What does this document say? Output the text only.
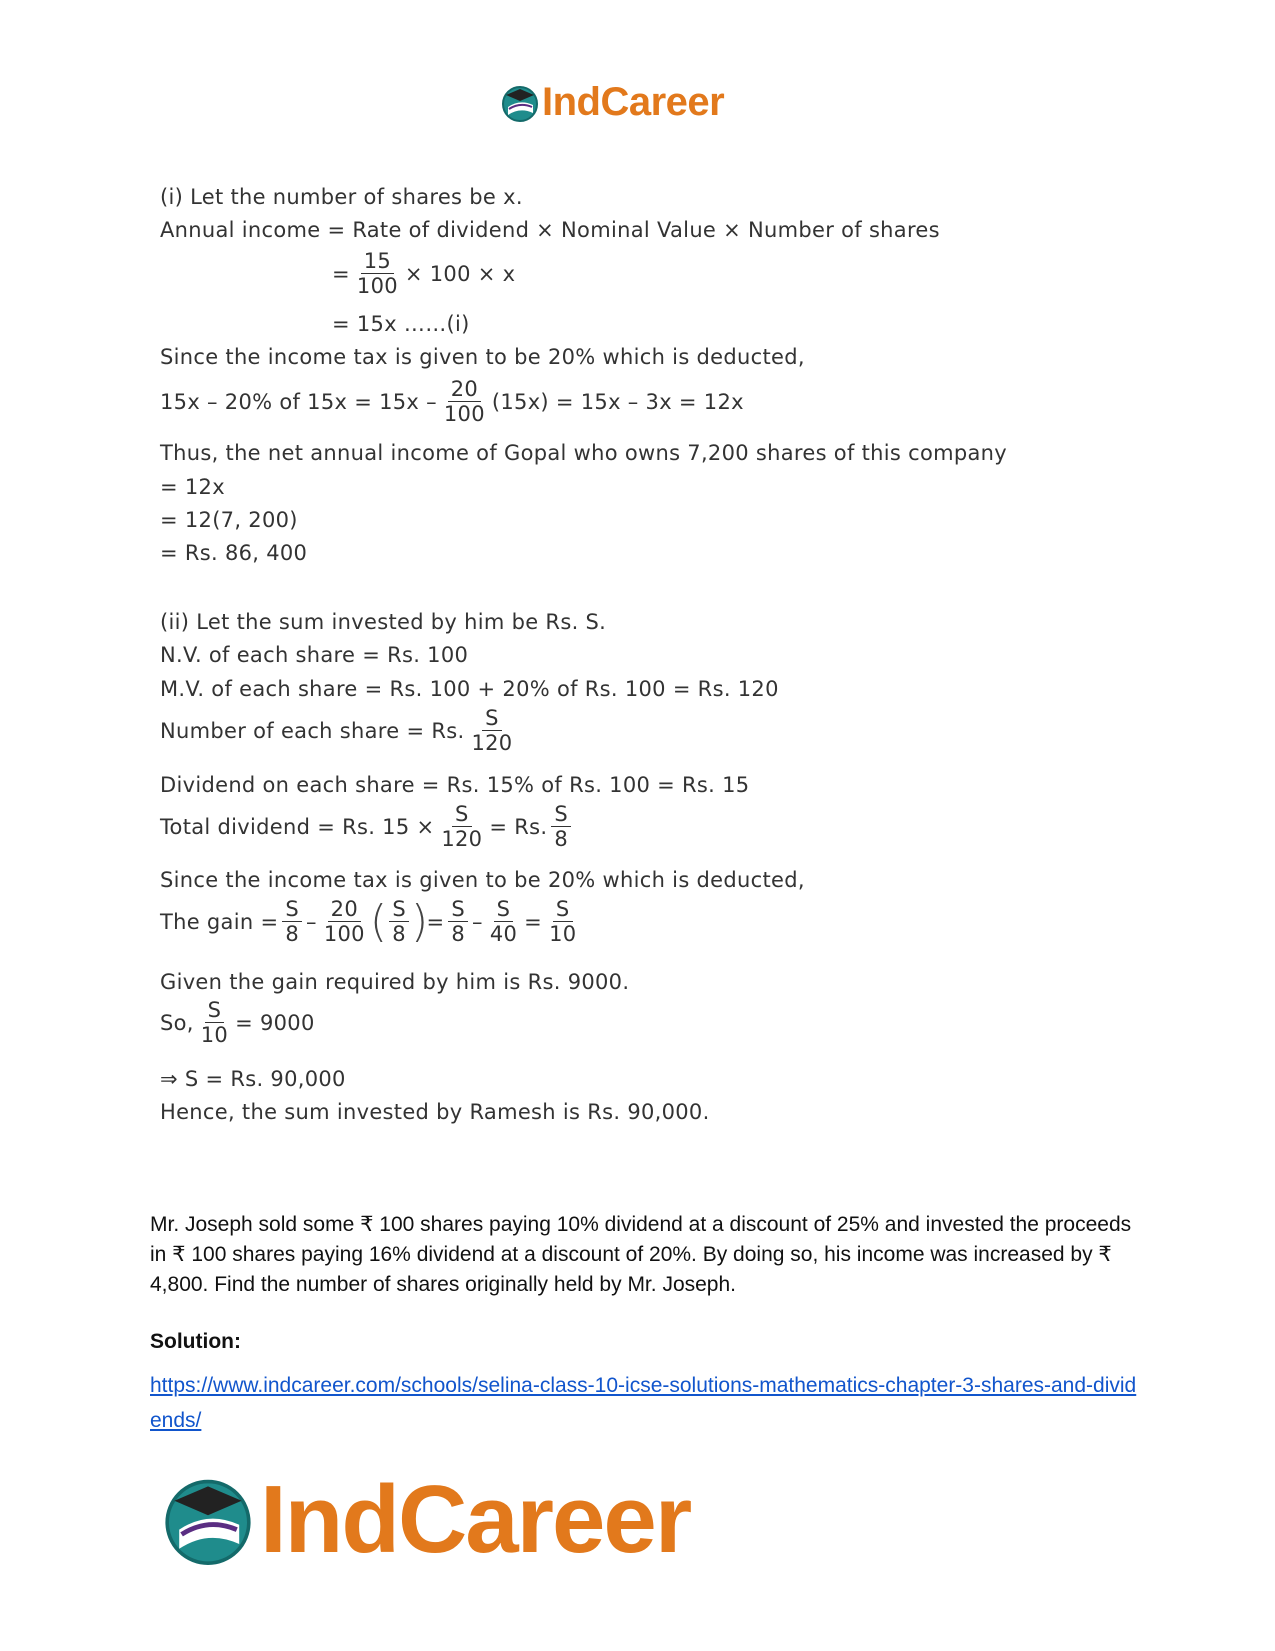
IndCareer
(i) Let the number of shares be x.
Annual income = Rate of dividend × Nominal Value × Number of shares
= $\frac{15}{100} \times 100 \times x$
= 15x ……(i)
Since the income tax is given to be 20% which is deducted,
15x – 20% of $15x = 15x - \frac{20}{100} (15x) = 15x - 3x = 12x$
Thus, the net annual income of Gopal who owns 7,200 shares of this company
= 12x
= 12(7, 200)
= Rs. 86, 400
(ii) Let the sum invested by him be Rs. S.
N.V. of each share = Rs. 100
M.V. of each share = Rs. 100 + 20% of Rs. 100 = Rs. 120
Number of each share = Rs. $\frac{S}{120}$
Dividend on each share = Rs. 15% of Rs. 100 = Rs. 15
Total dividend = Rs. $15 \times \frac{S}{120} = Rs$. $\frac{S}{8}$
Since the income tax is given to be 20% which is deducted,
The gain = $\frac{S}{8} - \frac{20}{100}$ ( $\frac{S}{8}$ )
= $\frac{S}{8} - \frac{S}{40} = \frac{S}{10}$
Given the gain required by him is Rs. 9000.
So, $\frac{S}{10} = 9000$
⇒ S = Rs. 90,000
Hence, the sum invested by Ramesh is Rs. 90,000.
Mr. Joseph sold some ₹ 100 shares paying 10% dividend at a discount of 25% and invested the proceeds in ₹ 100 shares paying 16% dividend at a discount of 20%. By doing so, his income was increased by ₹ 4,800. Find the number of shares originally held by Mr. Joseph.
Solution:
https://www.indcareer.com/schools/selina-class-10-icse-solutions-mathematics-chapter-3-shares-and-dividends/
IndCareer
